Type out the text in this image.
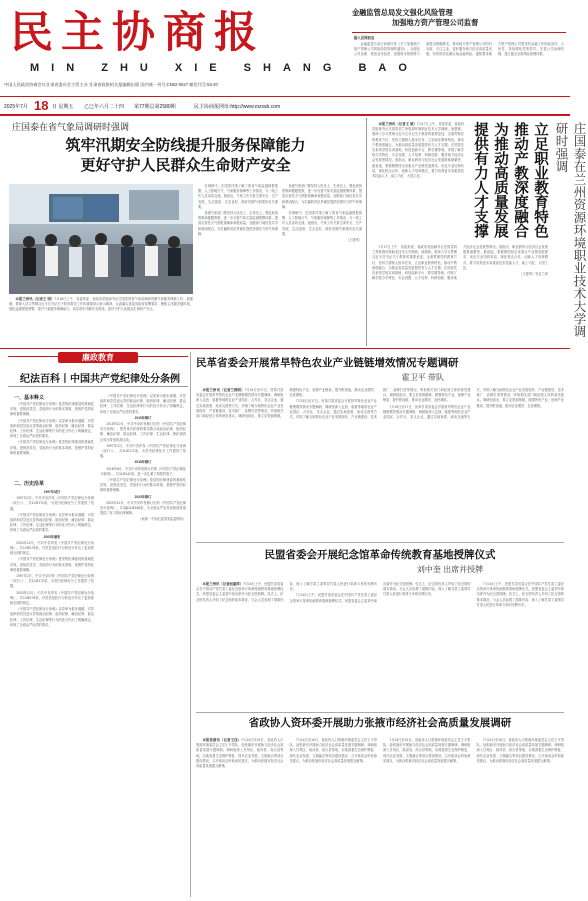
民主协商报
MIN ZHU XIE SHANG BAO
中国人民政治协商会议甘肃省委员会主管主办 甘肃省政协机关报编辑出版 国内统一刊号:CN62-0027 邮发代号:53-20
2025年7月 18 日 星期五 乙巳年六月二十四 第77期总第2580期	民主协商报网址:http://www.mzxsb.com
金融监管总局发文强化风险管理
加强地方资产管理公司监督
据人民网消息

金融监管总局日前就印发《关于加强地方资产管理公司风险防控管理的通知》，从强化公司治理、规范业务经营、加强资本管理等方面提出明确要求，推动地方资产管理公司回归本源、专注主业，更好服务地方经济高质量发展，有效防范化解区域金融风险。通知要求地方资产管理公司要坚持金融工作的政治性、人民性，持续强化党的领导，完善公司治理机制，建立健全全面风险管理体系。

庄国泰在省气象局调研时强调
筑牢汛期安全防线提升服务保障能力
更好守护人民群众生命财产安全

本报兰州讯（记者王 明）7月18日上午，省委常委、省政协党组副书记庄国泰到省气象局调研汛期气象服务保障工作。他强调，要深入学习贯彻习近平总书记关于防汛救灾工作的重要指示批示精神，认真落实省委省政府部署要求，聚焦主汛期关键时段，强化监测预报预警，提升气象服务保障能力，切实筑牢汛期安全防线，更好守护人民群众生命财产安全。

在调研中，庄国泰详细了解了我省气象监测预报预警、人工影响天气、气象服务保障等工作情况，与一线工作人员亲切交流。他指出，气象工作关系生命安全、生产发展、生活富裕、生态良好，做好汛期气象服务至关重要。

各级气象部门要坚持人民至上、生命至上，强化底线思维和极限思维，进一步完善气象灾害监测预警体系，提高灾害性天气预报准确率和提前量，加强部门间信息共享和联动配合，为打赢防汛抗旱硬仗提供坚强有力的气象保障。

各级气象部门要坚持人民至上、生命至上，强化底线思维和极限思维，进一步完善气象灾害监测预警体系，提高灾害性天气预报准确率和提前量，加强部门间信息共享和联动配合，为打赢防汛抗旱硬仗提供坚强有力的气象保障。

在调研中，庄国泰详细了解了我省气象监测预报预警、人工影响天气、气象服务保障等工作情况，与一线工作人员亲切交流。他指出，气象工作关系生命安全、生产发展、生活富裕、生态良好，做好汛期气象服务至关重要。

（王建军）	庄国泰在兰州资源环境职业技术大学调研时强调
立足职业教育特色
推动产教深度融合
为推动高质量发展
提供有力人才支撑

本报兰州讯（记者王 斌）7月17日上午，省委常委、省政协党组副书记庄国泰到兰州资源环境职业技术大学调研。他强调，要深入学习贯彻习近平总书记关于教育的重要论述，全面贯彻党的教育方针，坚持立德树人根本任务，立足职业教育特色，推动产教深度融合，为推动高质量发展提供有力人才支撑。庄国泰先后来到学校实训基地、科技创新平台、教学楼等地，详细了解学校办学特色、专业设置、人才培养、科研创新、服务地方经济社会发展等情况。他指出，职业教育与经济社会发展联系最紧密、最直接，要紧紧围绕全省重点产业链发展需求，优化专业结构布局，深化校企合作，创新人才培养模式，着力培养更多高素质技术技能人才、能工巧匠、大国工匠。

7月17日上午，省委常委、省政协党组副书记庄国泰到兰州资源环境职业技术大学调研。他强调，要深入学习贯彻习近平总书记关于教育的重要论述，全面贯彻党的教育方针，坚持立德树人根本任务，立足职业教育特色，推动产教深度融合，为推动高质量发展提供有力人才支撑。庄国泰先后来到学校实训基地、科技创新平台、教学楼等地，详细了解学校办学特色、专业设置、人才培养、科研创新、服务地方经济社会发展等情况。他指出，职业教育与经济社会发展联系最紧密、最直接，要紧紧围绕全省重点产业链发展需求，优化专业结构布局，深化校企合作，创新人才培养模式，着力培养更多高素质技术技能人才、能工巧匠、大国工匠。

《王建军》发自兰州

廉政教育
纪法百科丨中国共产党纪律处分条例
一、基本释义

《中国共产党纪律处分条例》是党的纪律建设的基础性法规，是规范党员、党组织行为的基本准则，是维护党的纪律的重要保障。

《中国共产党纪律处分条例》以党章为根本遵循，对党组织和党员违反党的政治纪律、组织纪律、廉洁纪律、群众纪律、工作纪律、生活纪律等行为的处分作出了明确规定，体现了全面从严治党的要求。

《中国共产党纪律处分条例》是党的纪律建设的基础性法规，是规范党员、党组织行为的基本准则，是维护党的纪律的重要保障。

二、历史沿革

1997年试行

1997年2月，中共中央印发《中国共产党纪律处分条例（试行）》，共11章172条，为党内纪律处分工作提供了依据。

《中国共产党纪律处分条例》以党章为根本遵循，对党组织和党员违反党的政治纪律、组织纪律、廉洁纪律、群众纪律、工作纪律、生活纪律等行为的处分作出了明确规定，体现了全面从严治党的要求。

2003年颁布

2003年12月，中共中央印发《中国共产党纪律处分条例》，共10章178条，对党员违纪行为的处分作出了更加系统全面的规定。

《中国共产党纪律处分条例》是党的纪律建设的基础性法规，是规范党员、党组织行为的基本准则，是维护党的纪律的重要保障。

1997年2月，中共中央印发《中国共产党纪律处分条例（试行）》，共11章172条，为党内纪律处分工作提供了依据。

2003年12月，中共中央印发《中国共产党纪律处分条例》，共10章178条，对党员违纪行为的处分作出了更加系统全面的规定。

《中国共产党纪律处分条例》以党章为根本遵循，对党组织和党员违反党的政治纪律、组织纪律、廉洁纪律、群众纪律、工作纪律、生活纪律等行为的处分作出了明确规定，体现了全面从严治党的要求。

《中国共产党纪律处分条例》以党章为根本遵循，对党组织和党员违反党的政治纪律、组织纪律、廉洁纪律、群众纪律、工作纪律、生活纪律等行为的处分作出了明确规定，体现了全面从严治党的要求。

2015年修订

2015年10月，中共中央印发修订后的《中国共产党纪律处分条例》，把党章对纪律的要求整合成政治纪律、组织纪律、廉洁纪律、群众纪律、工作纪律、生活纪律，使纪律真正成为带电的高压线。

1997年2月，中共中央印发《中国共产党纪律处分条例（试行）》，共11章172条，为党内纪律处分工作提供了依据。

2018年修订

2018年8月，中共中央印发修订后的《中国共产党纪律处分条例》，共11章142条，进一步扎紧了制度的笼子。

《中国共产党纪律处分条例》是党的纪律建设的基础性法规，是规范党员、党组织行为的基本准则，是维护党的纪律的重要保障。

2023年修订

2023年12月，中共中央印发修订后的《中国共产党纪律处分条例》，共3编11章158条，为全面从严治党向纵深发展提供了有力的纪律保障。

（来源：中央纪委国家监委网站）

民革省委会开展常旱特色农业产业链链增效情况专题调研
霍卫平 带队

本报兰州讯（记者兰晓明）7月15日至17日，民革甘肃省委会开展常旱特色农业产业链链增效情况专题调研，调研组深入定西、临夏等地的农业产业园区、合作社、龙头企业，通过实地查看、座谈交流等方式，详细了解当地特色农业产业发展现状、产业链建设、技术推广、品牌打造等情况，听取相关部门和经营主体的意见建议。调研组指出，要立足资源禀赋，做强特色产业，延伸产业链条，提升附加值，推动农业增效、农民增收。

7月15日至17日，民革甘肃省委会开展常旱特色农业产业链链增效情况专题调研，调研组深入定西、临夏等地的农业产业园区、合作社、龙头企业，通过实地查看、座谈交流等方式，详细了解当地特色农业产业发展现状、产业链建设、技术推广、品牌打造等情况，听取相关部门和经营主体的意见建议。调研组指出，要立足资源禀赋，做强特色产业，延伸产业链条，提升附加值，推动农业增效、农民增收。

7月15日至17日，民革甘肃省委会开展常旱特色农业产业链链增效情况专题调研，调研组深入定西、临夏等地的农业产业园区、合作社、龙头企业，通过实地查看、座谈交流等方式，详细了解当地特色农业产业发展现状、产业链建设、技术推广、品牌打造等情况，听取相关部门和经营主体的意见建议。调研组指出，要立足资源禀赋，做强特色产业，延伸产业链条，提升附加值，推动农业增效、农民增收。

民盟省委会开展纪念馆革命传统教育基地授牌仪式
刘中奎 出席并授牌

本报兰州讯（记者赵丽萍）7月16日上午，民盟甘肃省委会在中国共产党甘肃工委纪念馆举行革命传统教育基地授牌仪式。民盟省委会主委刘中奎出席并为纪念馆授牌。仪式上，纪念馆负责人介绍了纪念馆的基本情况，与会人员参观了展陈内容，深入了解甘肃工委领导甘肃人民进行革命斗争的光辉历史。

7月16日上午，民盟甘肃省委会在中国共产党甘肃工委纪念馆举行革命传统教育基地授牌仪式。民盟省委会主委刘中奎出席并为纪念馆授牌。仪式上，纪念馆负责人介绍了纪念馆的基本情况，与会人员参观了展陈内容，深入了解甘肃工委领导甘肃人民进行革命斗争的光辉历史。

7月16日上午，民盟甘肃省委会在中国共产党甘肃工委纪念馆举行革命传统教育基地授牌仪式。民盟省委会主委刘中奎出席并为纪念馆授牌。仪式上，纪念馆负责人介绍了纪念馆的基本情况，与会人员参观了展陈内容，深入了解甘肃工委领导甘肃人民进行革命斗争的光辉历史。

省政协人资环委开展助力张掖市经济社会高质量发展调研

本报张掖讯（记者王佳）7月14日至16日，省政协人口资源环境委员会主任王平带队，赴张掖市开展助力经济社会高质量发展专题调研。调研组深入甘州区、临泽县、高台县等地，实地查看生态保护修复、现代农业发展、文旅融合等项目建设情况，召开座谈会听取意见建议，为推动张掖市经济社会高质量发展建言献策。

7月14日至16日，省政协人口资源环境委员会主任王平带队，赴张掖市开展助力经济社会高质量发展专题调研。调研组深入甘州区、临泽县、高台县等地，实地查看生态保护修复、现代农业发展、文旅融合等项目建设情况，召开座谈会听取意见建议，为推动张掖市经济社会高质量发展建言献策。

7月14日至16日，省政协人口资源环境委员会主任王平带队，赴张掖市开展助力经济社会高质量发展专题调研。调研组深入甘州区、临泽县、高台县等地，实地查看生态保护修复、现代农业发展、文旅融合等项目建设情况，召开座谈会听取意见建议，为推动张掖市经济社会高质量发展建言献策。

7月14日至16日，省政协人口资源环境委员会主任王平带队，赴张掖市开展助力经济社会高质量发展专题调研。调研组深入甘州区、临泽县、高台县等地，实地查看生态保护修复、现代农业发展、文旅融合等项目建设情况，召开座谈会听取意见建议，为推动张掖市经济社会高质量发展建言献策。
